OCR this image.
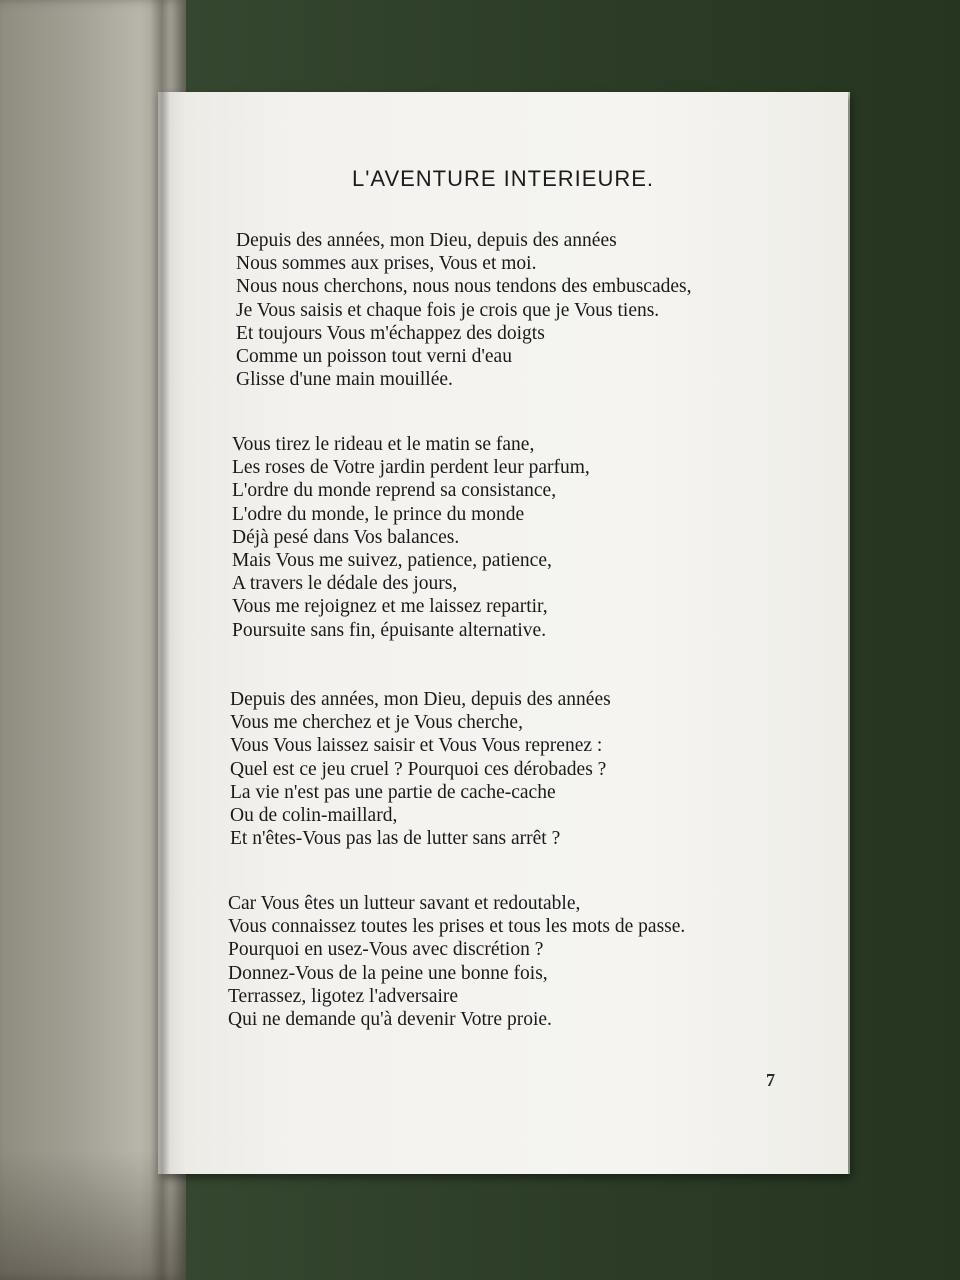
L'AVENTURE INTERIEURE.
Depuis des années, mon Dieu, depuis des années
Nous sommes aux prises, Vous et moi.
Nous nous cherchons, nous nous tendons des embuscades,
Je Vous saisis et chaque fois je crois que je Vous tiens.
Et toujours Vous m'échappez des doigts
Comme un poisson tout verni d'eau
Glisse d'une main mouillée.
Vous tirez le rideau et le matin se fane,
Les roses de Votre jardin perdent leur parfum,
L'ordre du monde reprend sa consistance,
L'odre du monde, le prince du monde
Déjà pesé dans Vos balances.
Mais Vous me suivez, patience, patience,
A travers le dédale des jours,
Vous me rejoignez et me laissez repartir,
Poursuite sans fin, épuisante alternative.
Depuis des années, mon Dieu, depuis des années
Vous me cherchez et je Vous cherche,
Vous Vous laissez saisir et Vous Vous reprenez :
Quel est ce jeu cruel ? Pourquoi ces dérobades ?
La vie n'est pas une partie de cache-cache
Ou de colin-maillard,
Et n'êtes-Vous pas las de lutter sans arrêt ?
Car Vous êtes un lutteur savant et redoutable,
Vous connaissez toutes les prises et tous les mots de passe.
Pourquoi en usez-Vous avec discrétion ?
Donnez-Vous de la peine une bonne fois,
Terrassez, ligotez l'adversaire
Qui ne demande qu'à devenir Votre proie.
7
